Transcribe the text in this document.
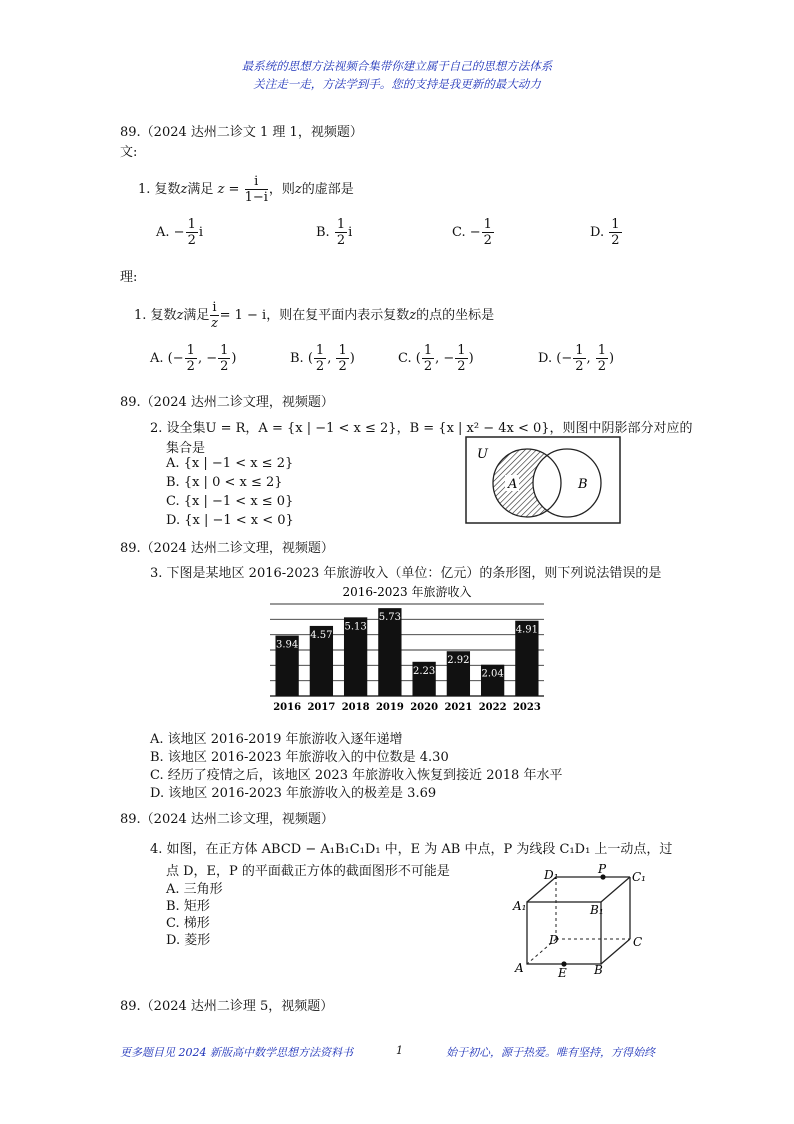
最系统的思想方法视频合集带你建立属于自己的思想方法体系
关注走一走，方法学到手。您的支持是我更新的最大动力
89.（2024 达州二诊文 1 理 1，视频题）
文:
1. 复数z满足 $z = \frac{i}{1-i}$ ，则z的虚部是
A. − $\frac{1}{2}$ i	B. $\frac{1}{2}$ i	C. − $\frac{1}{2}$	D. $\frac{1}{2}$
理:
1. 复数z满足 $\frac{i}{z} = 1 - i$，则在复平面内表示复数z的点的坐标是
A. (− $\frac{1}{2}$ , − $\frac{1}{2}$ )	B. ( $\frac{1}{2}$ , $\frac{1}{2}$ )	C. ( $\frac{1}{2}$ , − $\frac{1}{2}$ )	D. (− $\frac{1}{2}$ , $\frac{1}{2}$ )
89.（2024 达州二诊文理，视频题）
2. 设全集U = R，A = {x | −1 < x ≤ 2}，B = {x | x² − 4x < 0}，则图中阴影部分对应的
集合是
A. {x | −1 < x ≤ 2}
B. {x | 0 < x ≤ 2}
C. {x | −1 < x ≤ 0}
D. {x | −1 < x < 0}
U
A	B
89.（2024 达州二诊文理，视频题）
3. 下图是某地区 2016-2023 年旅游收入（单位：亿元）的条形图，则下列说法错误的是
2016-2023 年旅游收入
3.94
4.57
5.13
5.73
2.23
2.92
2.04
4.91
2016 2017 2018 2019 2020 2021 2022 2023
A. 该地区 2016-2019 年旅游收入逐年递增
B. 该地区 2016-2023 年旅游收入的中位数是 4.30
C. 经历了疫情之后，该地区 2023 年旅游收入恢复到接近 2018 年水平
D. 该地区 2016-2023 年旅游收入的极差是 3.69
89.（2024 达州二诊文理，视频题）
4. 如图，在正方体 ABCD − A₁B₁C₁D₁ 中，E 为 AB 中点，P 为线段 C₁D₁ 上一动点，过
点 D，E，P 的平面截正方体的截面图形不可能是
A. 三角形
B. 矩形
C. 梯形
D. 菱形
D₁	P
C₁
A₁	B₁
D	C
A	E B
89.（2024 达州二诊理 5，视频题）
更多题目见 2024 新版高中数学思想方法资料书	1	始于初心，源于热爱。唯有坚持，方得始终
